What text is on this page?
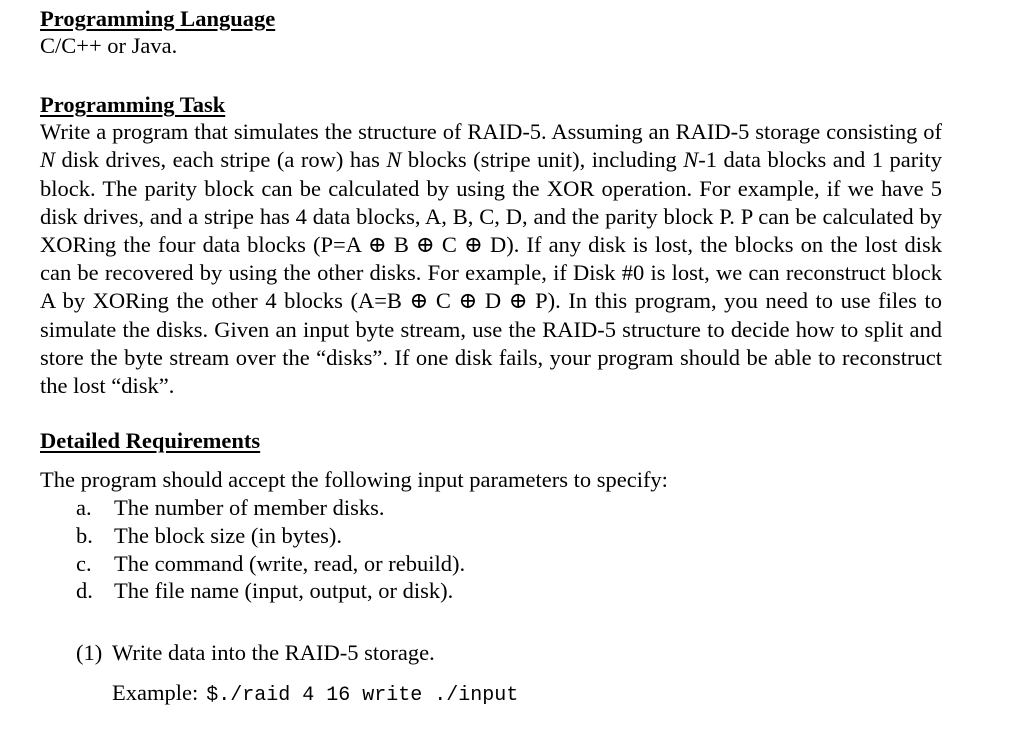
Programming Language

C/C++ or Java.

Programming Task

Write a program that simulates the structure of RAID-5. Assuming an RAID-5 storage consisting of N disk drives, each stripe (a row) has N blocks (stripe unit), including N-1 data blocks and 1 parity block. The parity block can be calculated by using the XOR operation. For example, if we have 5 disk drives, and a stripe has 4 data blocks, A, B, C, D, and the parity block P. P can be calculated by XORing the four data blocks (P=A ⊕ B ⊕ C ⊕ D). If any disk is lost, the blocks on the lost disk can be recovered by using the other disks. For example, if Disk #0 is lost, we can reconstruct block A by XORing the other 4 blocks (A=B ⊕ C ⊕ D ⊕ P). In this program, you need to use files to simulate the disks. Given an input byte stream, use the RAID-5 structure to decide how to split and store the byte stream over the “disks”. If one disk fails, your program should be able to reconstruct the lost “disk”.

Detailed Requirements

The program should accept the following input parameters to specify:

a. The number of member disks.
b. The block size (in bytes).
c. The command (write, read, or rebuild).
d. The file name (input, output, or disk).
(1) Write data into the RAID-5 storage.
Example: $./raid 4 16 write ./input
